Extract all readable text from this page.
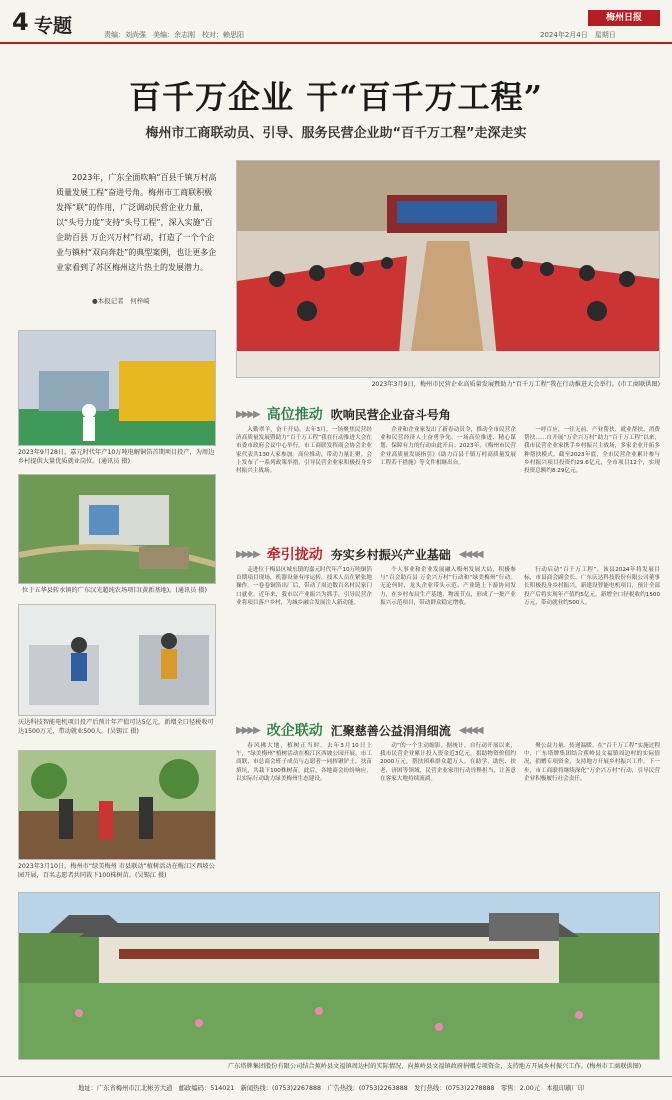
4 专题	责编：刘尚强　美编：余志刚　校对：赖思阳
梅州日报
2024年2月4日　星期日
百千万企业 干“百千万工程”
梅州市工商联动员、引导、服务民营企业助“百千万工程”走深走实
2023年，广东全面吹响“百县千镇万村高质量发展工程”奋进号角。梅州市工商联积极发挥“联”的作用，广泛调动民营企业力量，以“头号力度”支持“头号工程”，深入实施“百企助百县 万企兴万村”行动，打造了一个个企业与镇村“双向奔赴”的典型案例，也让更多企业家看到了苏区梅州这片热土的发展潜力。
●本报记者　何梓崎
2023年3月9日，梅州市民营企业高质量发展暨助力“百千万工程”我在行动推进大会举行。(市工商联供图)
2023年9月28日，嘉元时代年产10万吨电解铜箔首期项目投产，为周边乡村提供大量优质就业岗位。(通讯员 摄)
位于五华县转水镇的广东汉光超纯农场项目(黄新基地)。(通讯员 摄)
庆达科技智能电机项目投产后预计年产值可达5亿元，新增全口径税收可达1500万元，带动就业500人。(吴锡江 摄)
2023年3月10日，梅州市“绿美梅州 市县联动”植树活动在梅江区西坡公园开展，百名志愿者共同栽下100株树苗。(吴锡江 摄)
▶▶▶▶ 高位推动 吹响民营企业奋斗号角
入勤翠羊，奋千开局。去年3月，一场聚焦民营经济高质量发展暨助力“百千万工程”我在行动推进大会在市委市政府会议中心举行。市工商联发挥商会协会企业家代表共130人家参加。高位推动，带动力量汇聚。会上发布了一系列政策举措，引导民营企业家积极投身乡村振兴主战场。
企业和企业家发出了新春动员令，推动全市民营企业和民营经济人士奋勇争先。一场高位推进、精心谋划、保障有力的行动由此开启。2023年，《梅州市民营企业高质量发展指引》《助力百县千镇万村高质量发展工程若干措施》等文件相继出台。
一呼百应，一往无前。产业帮扶、就业帮扶、消费帮扶……自开展“万企兴万村”助力“百千万工程”以来，我市民营企业家携手乡村振兴主战场，多家企业开拓多种帮扶模式。截至2023年底，全市民营企业累计参与乡村振兴项目投资约29.6亿元，全市项目12个，实现投资总额约8.29亿元。
▶▶▶▶ 牵引拢动 夯实乡村振兴产业基础 ◀◀◀◀
走进位于梅县区城东镇的嘉元时代年产10万吨铜箔首期项目现场，机器设备有序运转，技术人员在紧张地操作。一卷卷铜箔出厂后，带动了周边数百名村民家门口就业。近年来，我市以产业振兴为抓手，引导民营企业将项目落户乡村，为城乡融合发展注入新动能。
个人事业和企业发展融入梅州发展大局，积极参与“百会助百县 万企兴万村”行动和“绿美梅州”行动。无论何时，龙头企业带头示范、产业链上下游协同发力，在乡村布局生产基地、物流节点，形成了一批产业振兴示范项目，带动群众稳定增收。
行动启动“百千万工程”。该县2024年将发展目标，市县商会副会长、广东庆达科技股份有限公司董事长积极投身乡村振兴，新建设智能电机项目，预计全部投产后将实现年产值约5亿元，新增全口径税收约1500万元，带动就业约500人。
▶▶▶▶ 改企联动 汇聚慈善公益涓涓细流 ◀◀◀◀
春风拂大地，植树正当时。去年3月10日上午，“绿美梅州”植树活动在梅江区西坡公园开展，市工商联、市总商会班子成员与志愿者一同挥锹铲土，扶苗填坑，共栽下100株树苗。此后，各地商会纷纷响应，以实际行动助力绿美梅州生态建设。
动”的一个生动缩影。据统计，自行动开展以来，我市民营企业累计投入资金近3亿元，捐助物资价值约2000万元，帮扶困难群众超万人。在助学、助医、扶老、济困等领域，民营企业家用行动诠释担当，让善意在客家大地持续流淌。
聚公益力量、传递温暖。在“百千万工程”实施过程中，广东塔牌集团结合蕉岭县文福镇周边村的实际情况，捐赠专项资金，支持地方开展乡村振兴工作。下一步，市工商联将继续深化“万企兴万村”行动，引导民营企业积极履行社会责任。
广东塔牌集团股份有限公司结合蕉岭县文福镇周边村的实际情况，向蕉岭县文福镇政府捐赠专项资金，支持地方开展乡村振兴工作。(梅州市工商联供图)
地址：广东省梅州市江北彬芳大道　邮政编码：514021　新闻热线：(0753)2267888　广告热线：(0753)2263888　发行热线：(0753)2278888　零售：2.00元　本报印刷厂印
